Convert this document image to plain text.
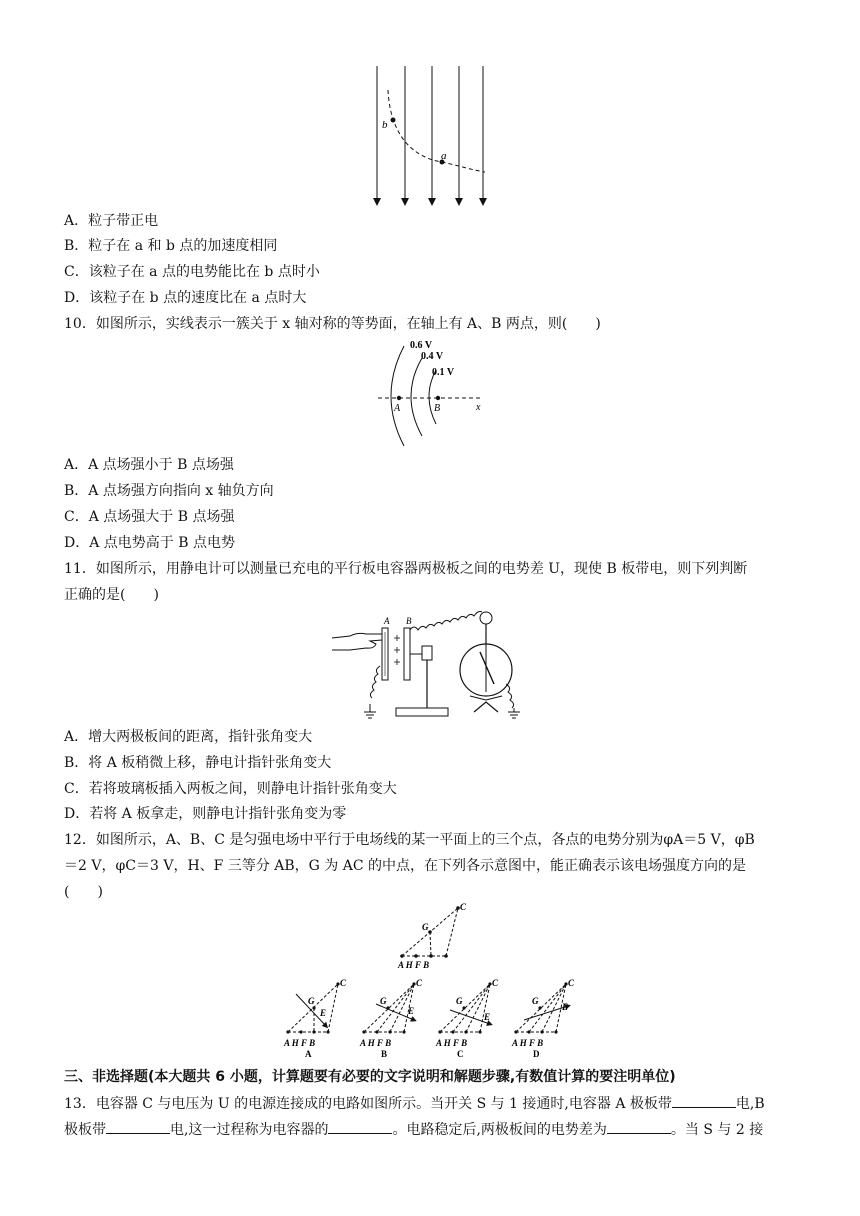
b
a
A．粒子带正电
B．粒子在 a 和 b 点的加速度相同
C．该粒子在 a 点的电势能比在 b 点时小
D．该粒子在 b 点的速度比在 a 点时大
10．如图所示，实线表示一簇关于 x 轴对称的等势面，在轴上有 A、B 两点，则(　　)
0.6 V
0.4 V
0.1 V
A	B	x
A．A 点场强小于 B 点场强
B．A 点场强方向指向 x 轴负方向
C．A 点场强大于 B 点场强
D．A 点电势高于 B 点电势
11．如图所示，用静电计可以测量已充电的平行板电容器两极板之间的电势差 U，现使 B 板带电，则下列判断
正确的是(　　)
A B
A．增大两极板间的距离，指针张角变大
B．将 A 板稍微上移，静电计指针张角变大
C．若将玻璃板插入两板之间，则静电计指针张角变大
D．若将 A 板拿走，则静电计指针张角变为零
12．如图所示，A、B、C 是匀强电场中平行于电场线的某一平面上的三个点，各点的电势分别为φA＝5 V，φB
＝2 V，φC＝3 V，H、F 三等分 AB，G 为 AC 的中点，在下列各示意图中，能正确表示该电场强度方向的是
(　　)
G
C
A H F B
G
C
E
A H F B
A
G
C
E
A H F B
B
G
C
E
A H F B
C
G
C
E
A H F B
D
三、非选择题(本大题共 6 小题，计算题要有必要的文字说明和解题步骤,有数值计算的要注明单位)
13．电容器 C 与电压为 U 的电源连接成的电路如图所示。当开关 S 与 1 接通时,电容器 A 极板带	电,B
极板带	电,这一过程称为电容器的	。电路稳定后,两极板间的电势差为	。当 S 与 2 接
